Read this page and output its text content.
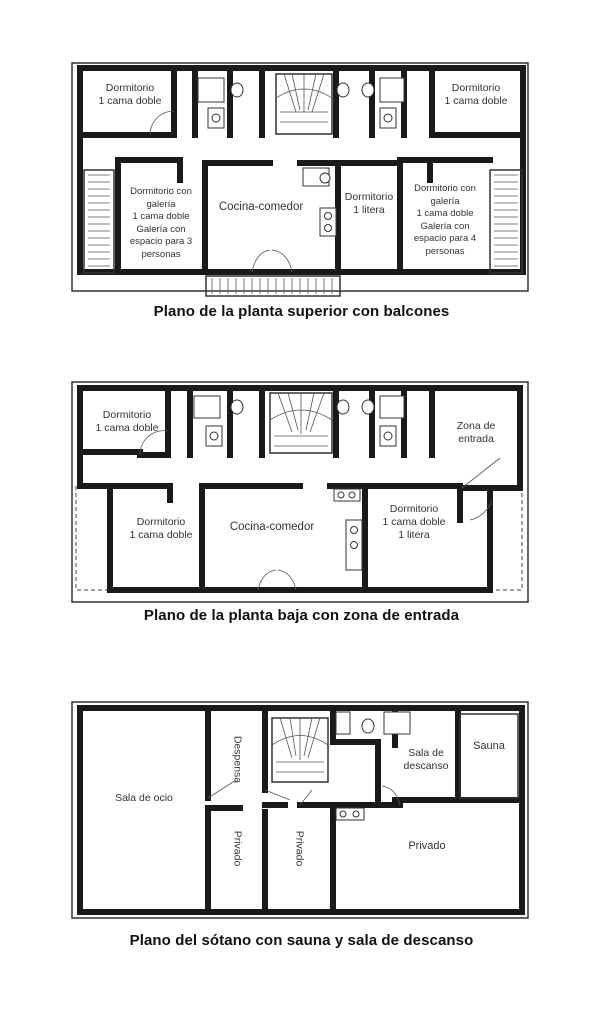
Dormitorio
1 cama doble
Dormitorio
1 cama doble
Dormitorio con
galería
1 cama doble
Galería con
espacio para 3
personas
Cocina-comedor
Dormitorio
1 litera
Dormitorio con
galería
1 cama doble
Galería con
espacio para 4
personas
Plano de la planta superior con balcones
Dormitorio
1 cama doble	Zona de
entrada
Dormitorio
1 cama doble
Cocina-comedor
Dormitorio
1 cama doble
1 litera
Plano de la planta baja con zona de entrada
Sala de ocio
Despensa	Sala de
descanso
Sauna
Privado	Privado	Privado
Plano del sótano con sauna y sala de descanso
